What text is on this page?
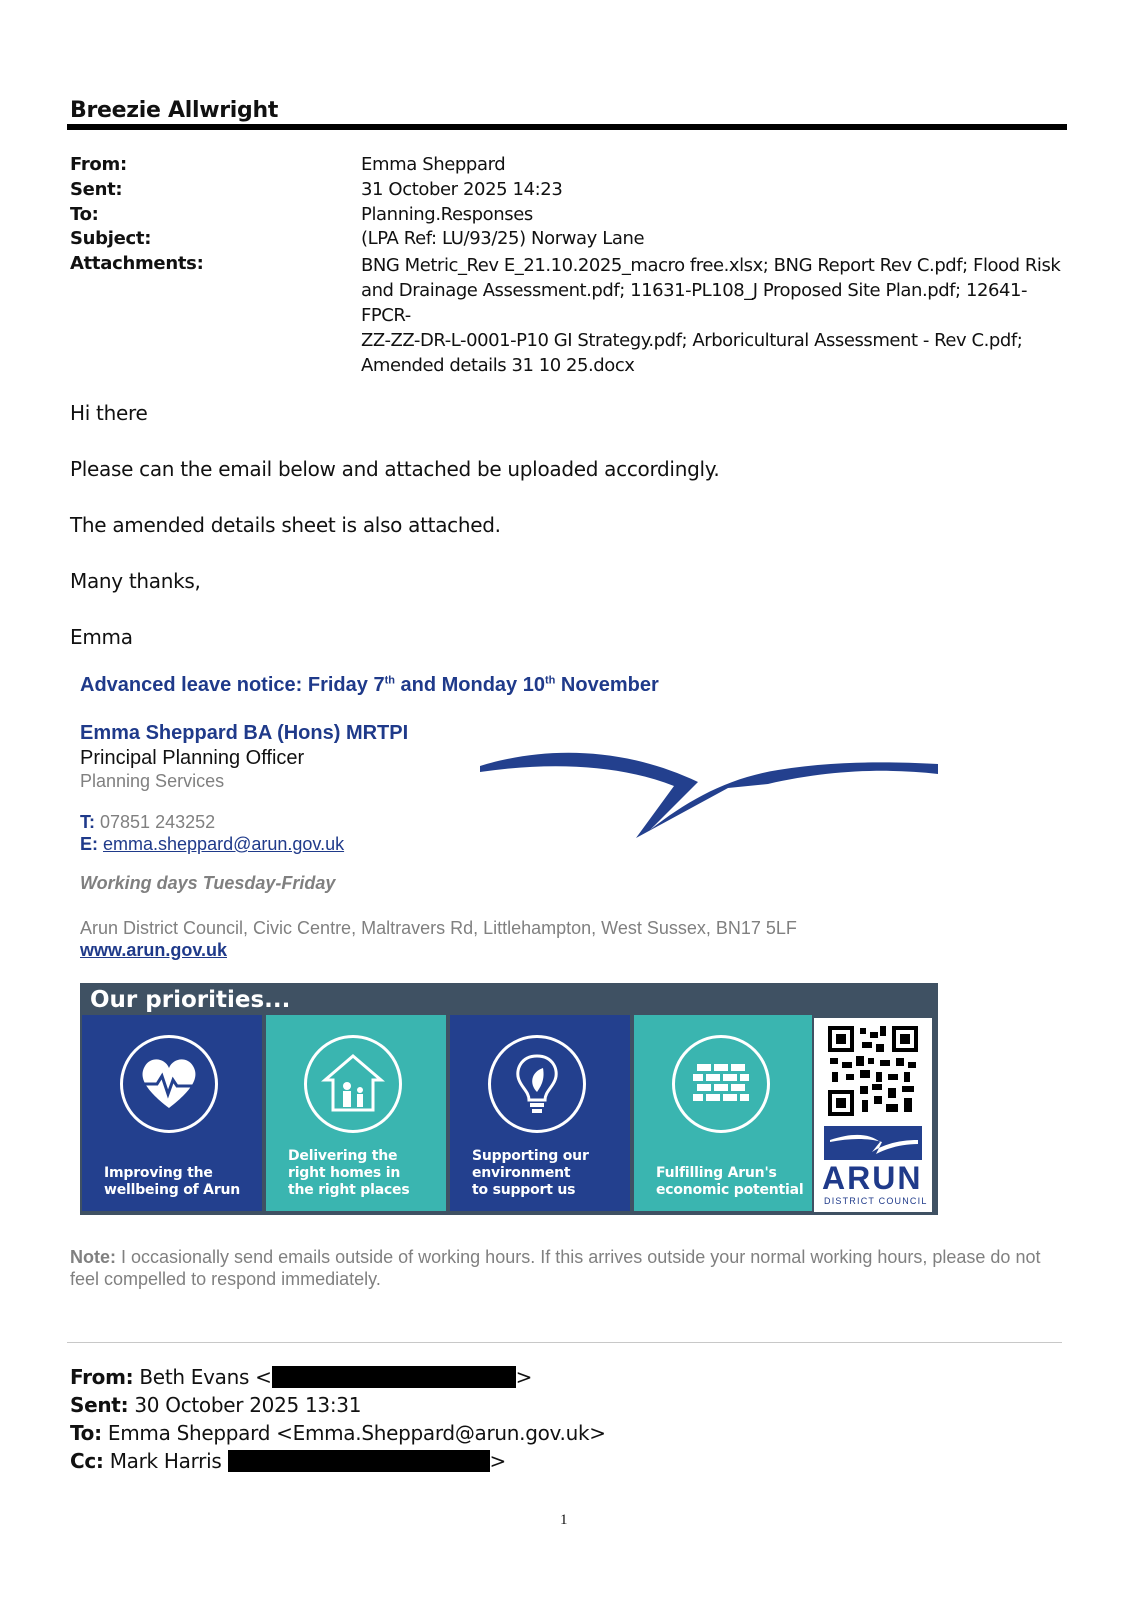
Breezie Allwright
From:	Emma Sheppard
Sent:	31 October 2025 14:23
To:	Planning.Responses
Subject:	(LPA Ref: LU/93/25) Norway Lane
Attachments:	BNG Metric_Rev E_21.10.2025_macro free.xlsx; BNG Report Rev C.pdf; Flood Risk
and Drainage Assessment.pdf; 11631-PL108_J Proposed Site Plan.pdf; 12641-FPCR-
ZZ-ZZ-DR-L-0001-P10 GI Strategy.pdf; Arboricultural Assessment - Rev C.pdf;
Amended details 31 10 25.docx
Hi there
Please can the email below and attached be uploaded accordingly.
The amended details sheet is also attached.
Many thanks,
Emma
Advanced leave notice: Friday 7th and Monday 10th November
Emma Sheppard BA (Hons) MRTPI
Principal Planning Officer
Planning Services
T: 07851 243252
E: emma.sheppard@arun.gov.uk
Working days Tuesday-Friday
Arun District Council, Civic Centre, Maltravers Rd, Littlehampton, West Sussex, BN17 5LF
www.arun.gov.uk
Our priorities...
Improving the
wellbeing of Arun
Delivering the
right homes in
the right places
Supporting our
environment
to support us
Fulfilling Arun's
economic potential ARUN
DISTRICT COUNCIL
Note: I occasionally send emails outside of working hours. If this arrives outside your normal working hours, please do not feel compelled to respond immediately.
From: Beth Evans <	>
Sent: 30 October 2025 13:31
To: Emma Sheppard <Emma.Sheppard@arun.gov.uk>
Cc: Mark Harris	>
1
